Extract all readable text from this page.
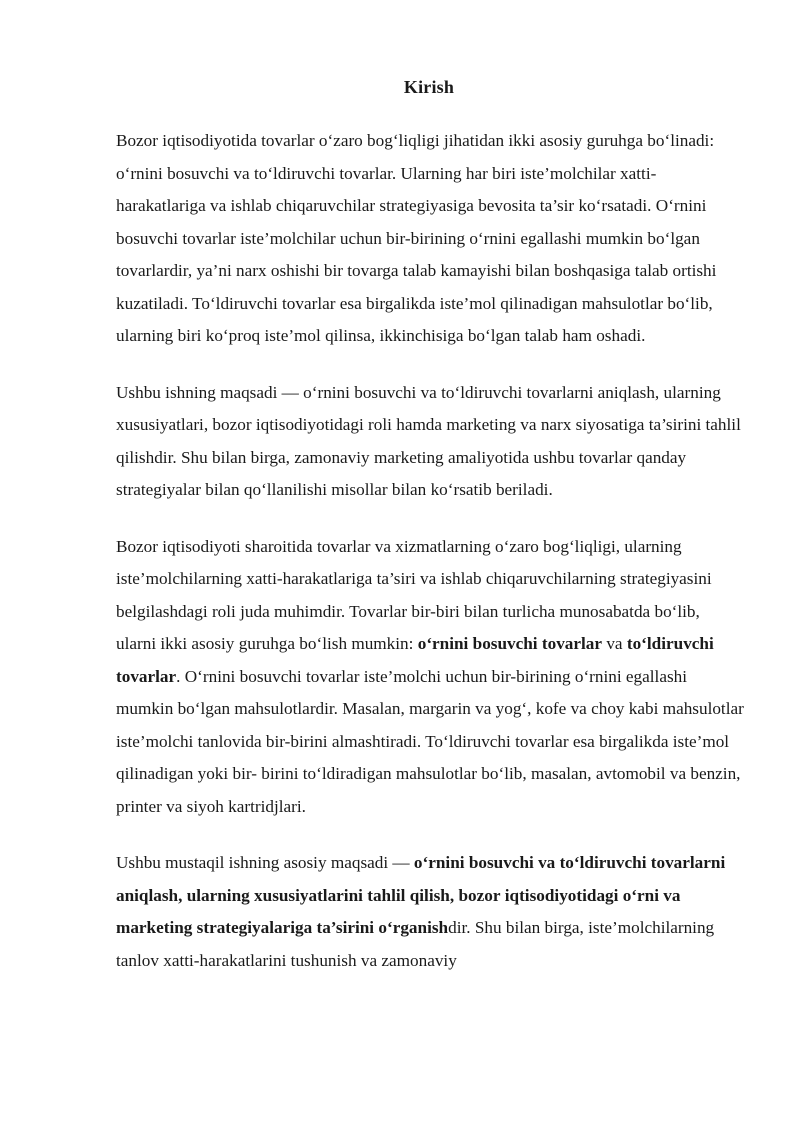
Kirish

Bozor iqtisodiyotida tovarlar o‘zaro bog‘liqligi jihatidan ikki asosiy guruhga bo‘linadi: o‘rnini bosuvchi va to‘ldiruvchi tovarlar. Ularning har biri iste’molchilar xatti-harakatlariga va ishlab chiqaruvchilar strategiyasiga bevosita ta’sir ko‘rsatadi. O‘rnini bosuvchi tovarlar iste’molchilar uchun bir-birining o‘rnini egallashi mumkin bo‘lgan tovarlardir, ya’ni narx oshishi bir tovarga talab kamayishi bilan boshqasiga talab ortishi kuzatiladi. To‘ldiruvchi tovarlar esa birgalikda iste’mol qilinadigan mahsulotlar bo‘lib, ularning biri ko‘proq iste’mol qilinsa, ikkinchisiga bo‘lgan talab ham oshadi.

Ushbu ishning maqsadi — o‘rnini bosuvchi va to‘ldiruvchi tovarlarni aniqlash, ularning xususiyatlari, bozor iqtisodiyotidagi roli hamda marketing va narx siyosatiga ta’sirini tahlil qilishdir. Shu bilan birga, zamonaviy marketing amaliyotida ushbu tovarlar qanday strategiyalar bilan qo‘llanilishi misollar bilan ko‘rsatib beriladi.

Bozor iqtisodiyoti sharoitida tovarlar va xizmatlarning o‘zaro bog‘liqligi, ularning iste’molchilarning xatti-harakatlariga ta’siri va ishlab chiqaruvchilarning strategiyasini belgilashdagi roli juda muhimdir. Tovarlar bir-biri bilan turlicha munosabatda bo‘lib, ularni ikki asosiy guruhga bo‘lish mumkin: o‘rnini bosuvchi tovarlar va to‘ldiruvchi tovarlar. O‘rnini bosuvchi tovarlar iste’molchi uchun bir-birining o‘rnini egallashi mumkin bo‘lgan mahsulotlardir. Masalan, margarin va yog‘, kofe va choy kabi mahsulotlar iste’molchi tanlovida bir-birini almashtiradi. To‘ldiruvchi tovarlar esa birgalikda iste’mol qilinadigan yoki bir- birini to‘ldiradigan mahsulotlar bo‘lib, masalan, avtomobil va benzin, printer va siyoh kartridjlari.

Ushbu mustaqil ishning asosiy maqsadi — o‘rnini bosuvchi va to‘ldiruvchi tovarlarni aniqlash, ularning xususiyatlarini tahlil qilish, bozor iqtisodiyotidagi o‘rni va marketing strategiyalariga ta’sirini o‘rganishdir. Shu bilan birga, iste’molchilarning tanlov xatti-harakatlarini tushunish va zamonaviy
